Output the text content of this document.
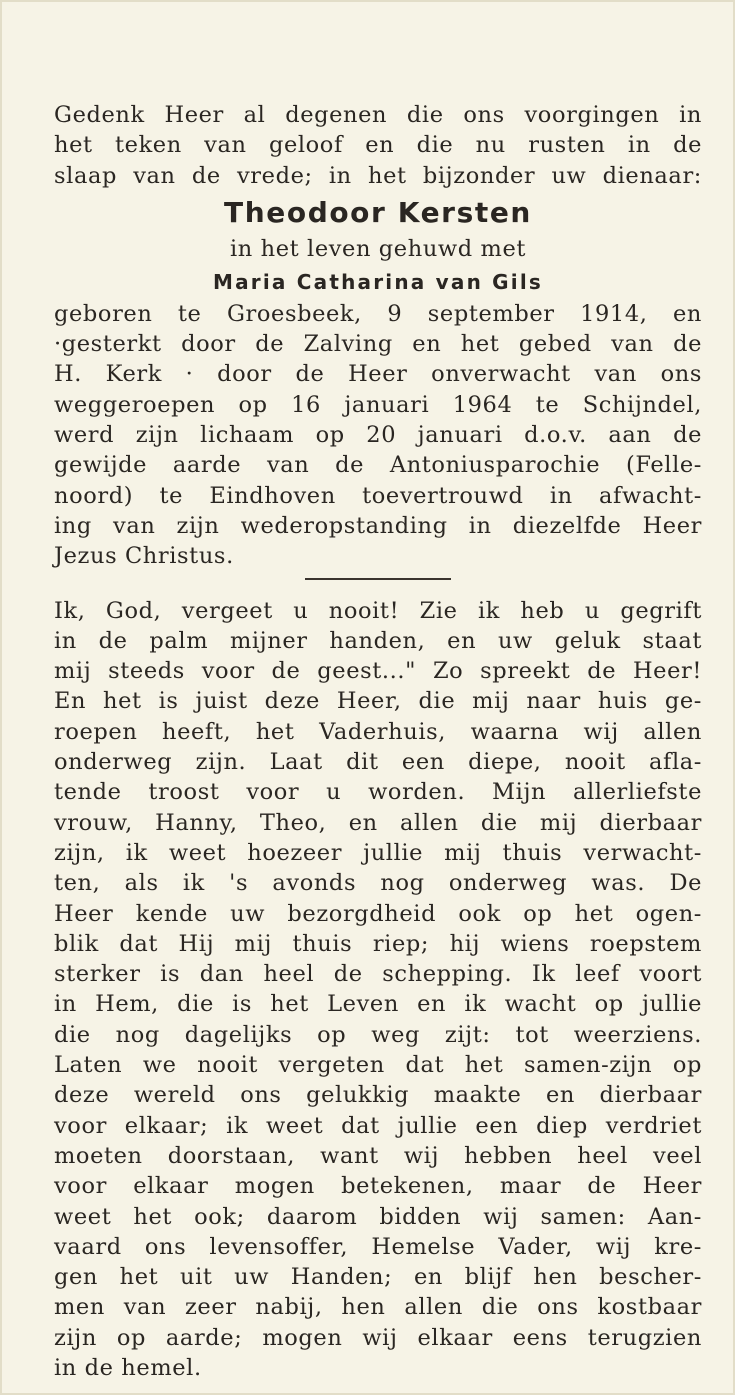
Gedenk Heer al degenen die ons voorgingen in
het teken van geloof en die nu rusten in de
slaap van de vrede; in het bijzonder uw dienaar:
Theodoor Kersten
in het leven gehuwd met
Maria Catharina van Gils
geboren te Groesbeek, 9 september 1914, en
·gesterkt door de Zalving en het gebed van de
H. Kerk · door de Heer onverwacht van ons
weggeroepen op 16 januari 1964 te Schijndel,
werd zijn lichaam op 20 januari d.o.v. aan de
gewijde aarde van de Antoniusparochie (Felle-
noord) te Eindhoven toevertrouwd in afwacht-
ing van zijn wederopstanding in diezelfde Heer
Jezus Christus.
Ik, God, vergeet u nooit! Zie ik heb u gegrift
in de palm mijner handen, en uw geluk staat
mij steeds voor de geest..." Zo spreekt de Heer!
En het is juist deze Heer, die mij naar huis ge-
roepen heeft, het Vaderhuis, waarna wij allen
onderweg zijn. Laat dit een diepe, nooit afla-
tende troost voor u worden. Mijn allerliefste
vrouw, Hanny, Theo, en allen die mij dierbaar
zijn, ik weet hoezeer jullie mij thuis verwacht-
ten, als ik 's avonds nog onderweg was. De
Heer kende uw bezorgdheid ook op het ogen-
blik dat Hij mij thuis riep; hij wiens roepstem
sterker is dan heel de schepping. Ik leef voort
in Hem, die is het Leven en ik wacht op jullie
die nog dagelijks op weg zijt: tot weerziens.
Laten we nooit vergeten dat het samen-zijn op
deze wereld ons gelukkig maakte en dierbaar
voor elkaar; ik weet dat jullie een diep verdriet
moeten doorstaan, want wij hebben heel veel
voor elkaar mogen betekenen, maar de Heer
weet het ook; daarom bidden wij samen: Aan-
vaard ons levensoffer, Hemelse Vader, wij kre-
gen het uit uw Handen; en blijf hen bescher-
men van zeer nabij, hen allen die ons kostbaar
zijn op aarde; mogen wij elkaar eens terugzien
in de hemel.
